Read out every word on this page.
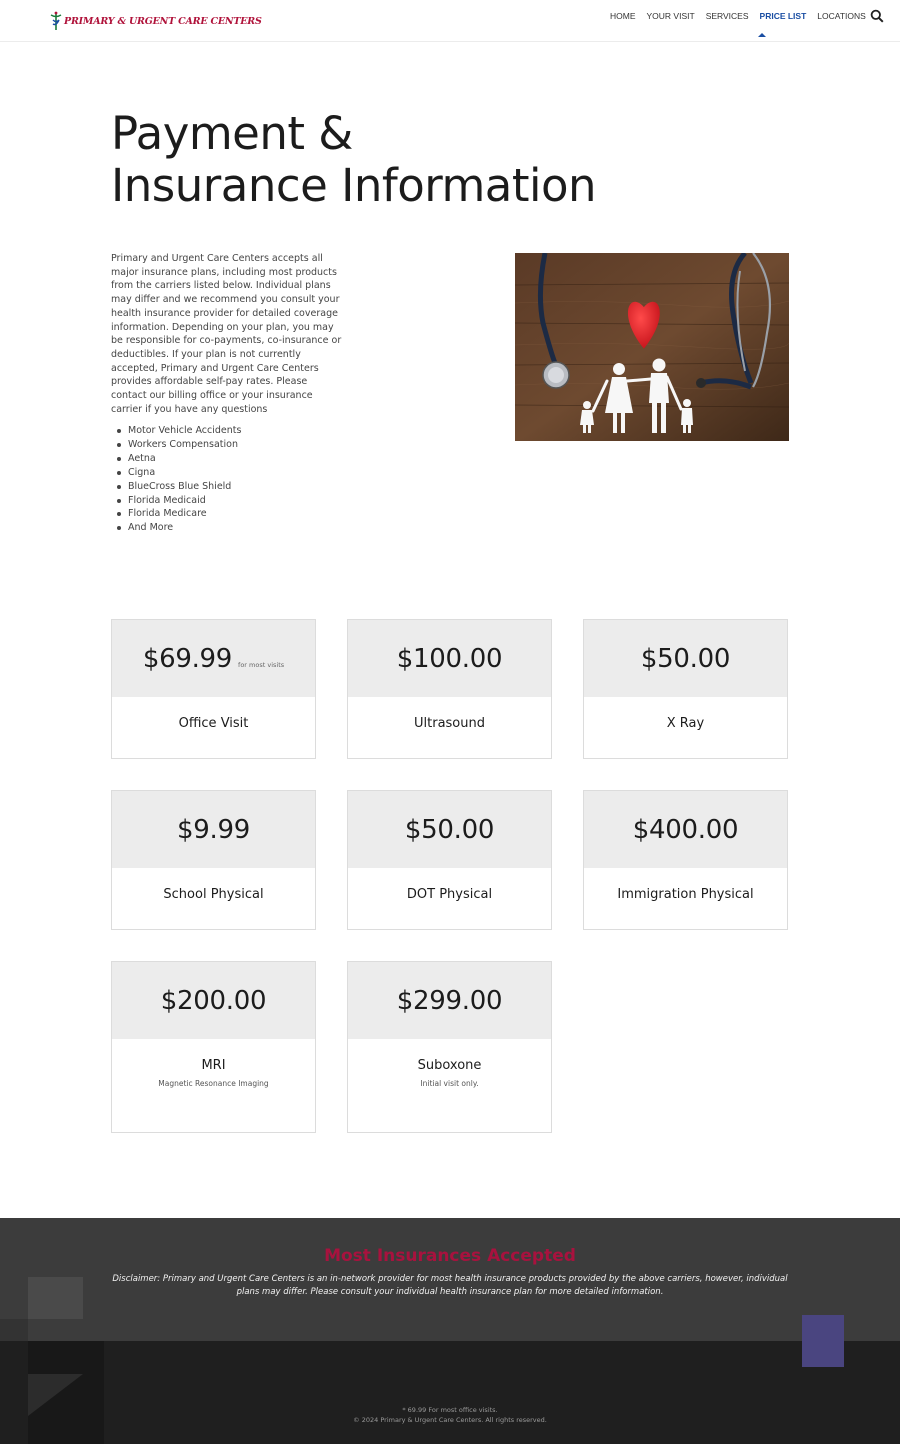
PRIMARY & URGENT CARE CENTERS	HOME YOUR VISIT SERVICES PRICE LIST LOCATIONS
Payment &
Insurance Information

Primary and Urgent Care Centers accepts all major insurance plans, including most products from the carriers listed below. Individual plans may differ and we recommend you consult your health insurance provider for detailed coverage information. Depending on your plan, you may be responsible for co-payments, co-insurance or deductibles. If your plan is not currently accepted, Primary and Urgent Care Centers provides affordable self-pay rates. Please contact our billing office or your insurance carrier if you have any questions

Motor Vehicle Accidents
Workers Compensation
Aetna
Cigna
BlueCross Blue Shield
Florida Medicaid
Florida Medicare
And More
$69.99 for most visits
Office Visit
$100.00
Ultrasound
$50.00
X Ray
$9.99
School Physical
$50.00
DOT Physical
$400.00
Immigration Physical
$200.00
MRI
Magnetic Resonance Imaging
$299.00
Suboxone
Initial visit only.
Most Insurances Accepted

Disclaimer: Primary and Urgent Care Centers is an in-network provider for most health insurance products provided by the above carriers, however, individual plans may differ. Please consult your individual health insurance plan for more detailed information.

* 69.99 For most office visits.
© 2024 Primary & Urgent Care Centers. All rights reserved.
